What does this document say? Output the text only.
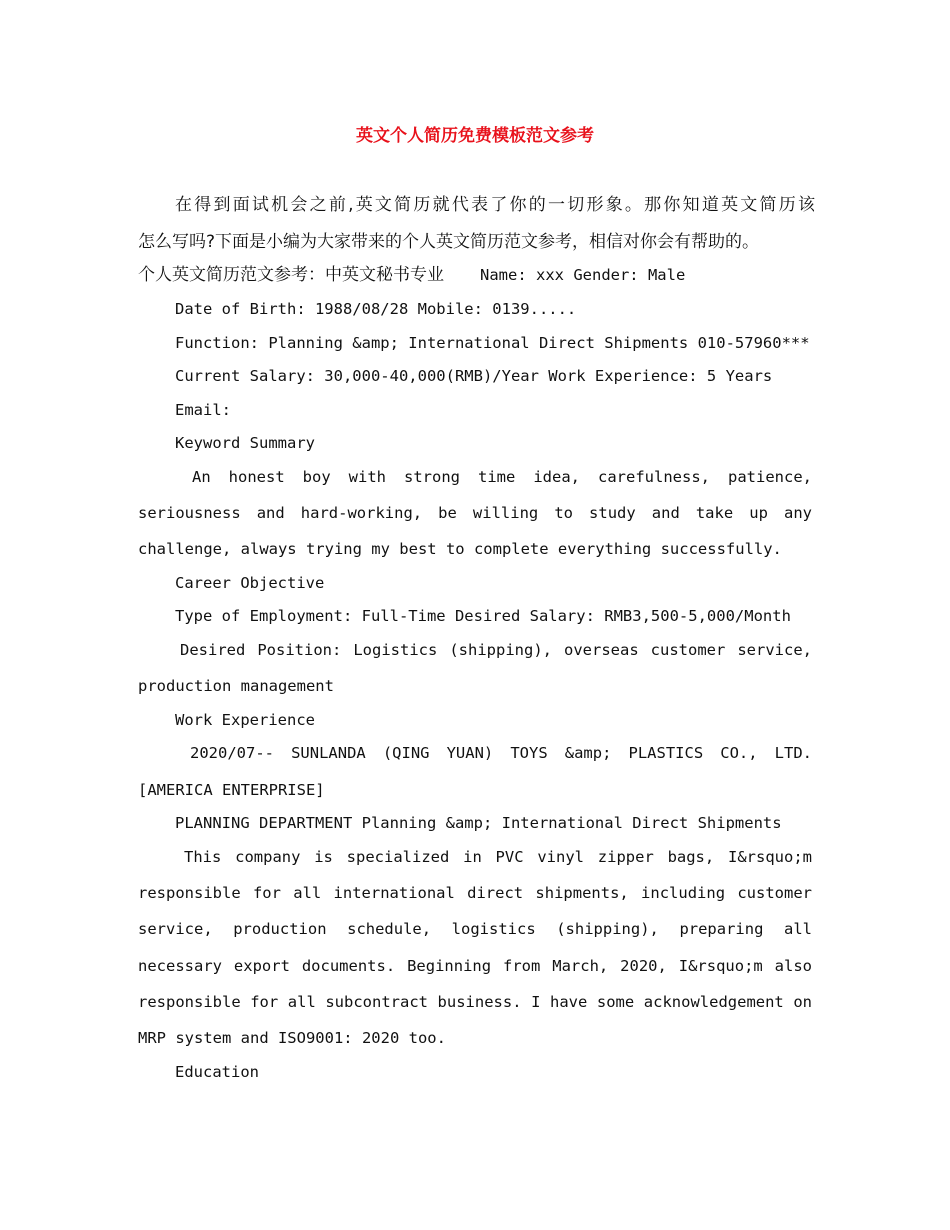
英文个人简历免费模板范文参考
在得到面试机会之前,英文简历就代表了你的一切形象。那你知道英文简历该
怎么写吗?下面是小编为大家带来的个人英文简历范文参考，相信对你会有帮助的。
个人英文简历范文参考：中英文秘书专业 Name: xxx Gender: Male
Date of Birth: 1988/08/28 Mobile: 0139.....
Function: Planning &amp; International Direct Shipments 010-57960***
Current Salary: 30,000-40,000(RMB)/Year Work Experience: 5 Years
Email:
Keyword Summary
An honest boy with strong time idea, carefulness, patience,
seriousness and hard-working, be willing to study and take up any
challenge, always trying my best to complete everything successfully.
Career Objective
Type of Employment: Full-Time Desired Salary: RMB3,500-5,000/Month
Desired Position: Logistics (shipping), overseas customer service,
production management
Work Experience
2020/07-- SUNLANDA (QING YUAN) TOYS &amp; PLASTICS CO., LTD.
[AMERICA ENTERPRISE]
PLANNING DEPARTMENT Planning &amp; International Direct Shipments
This company is specialized in PVC vinyl zipper bags, I&rsquo;m
responsible for all international direct shipments, including customer
service, production schedule, logistics (shipping), preparing all
necessary export documents. Beginning from March, 2020, I&rsquo;m also
responsible for all subcontract business. I have some acknowledgement on
MRP system and ISO9001: 2020 too.
Education
